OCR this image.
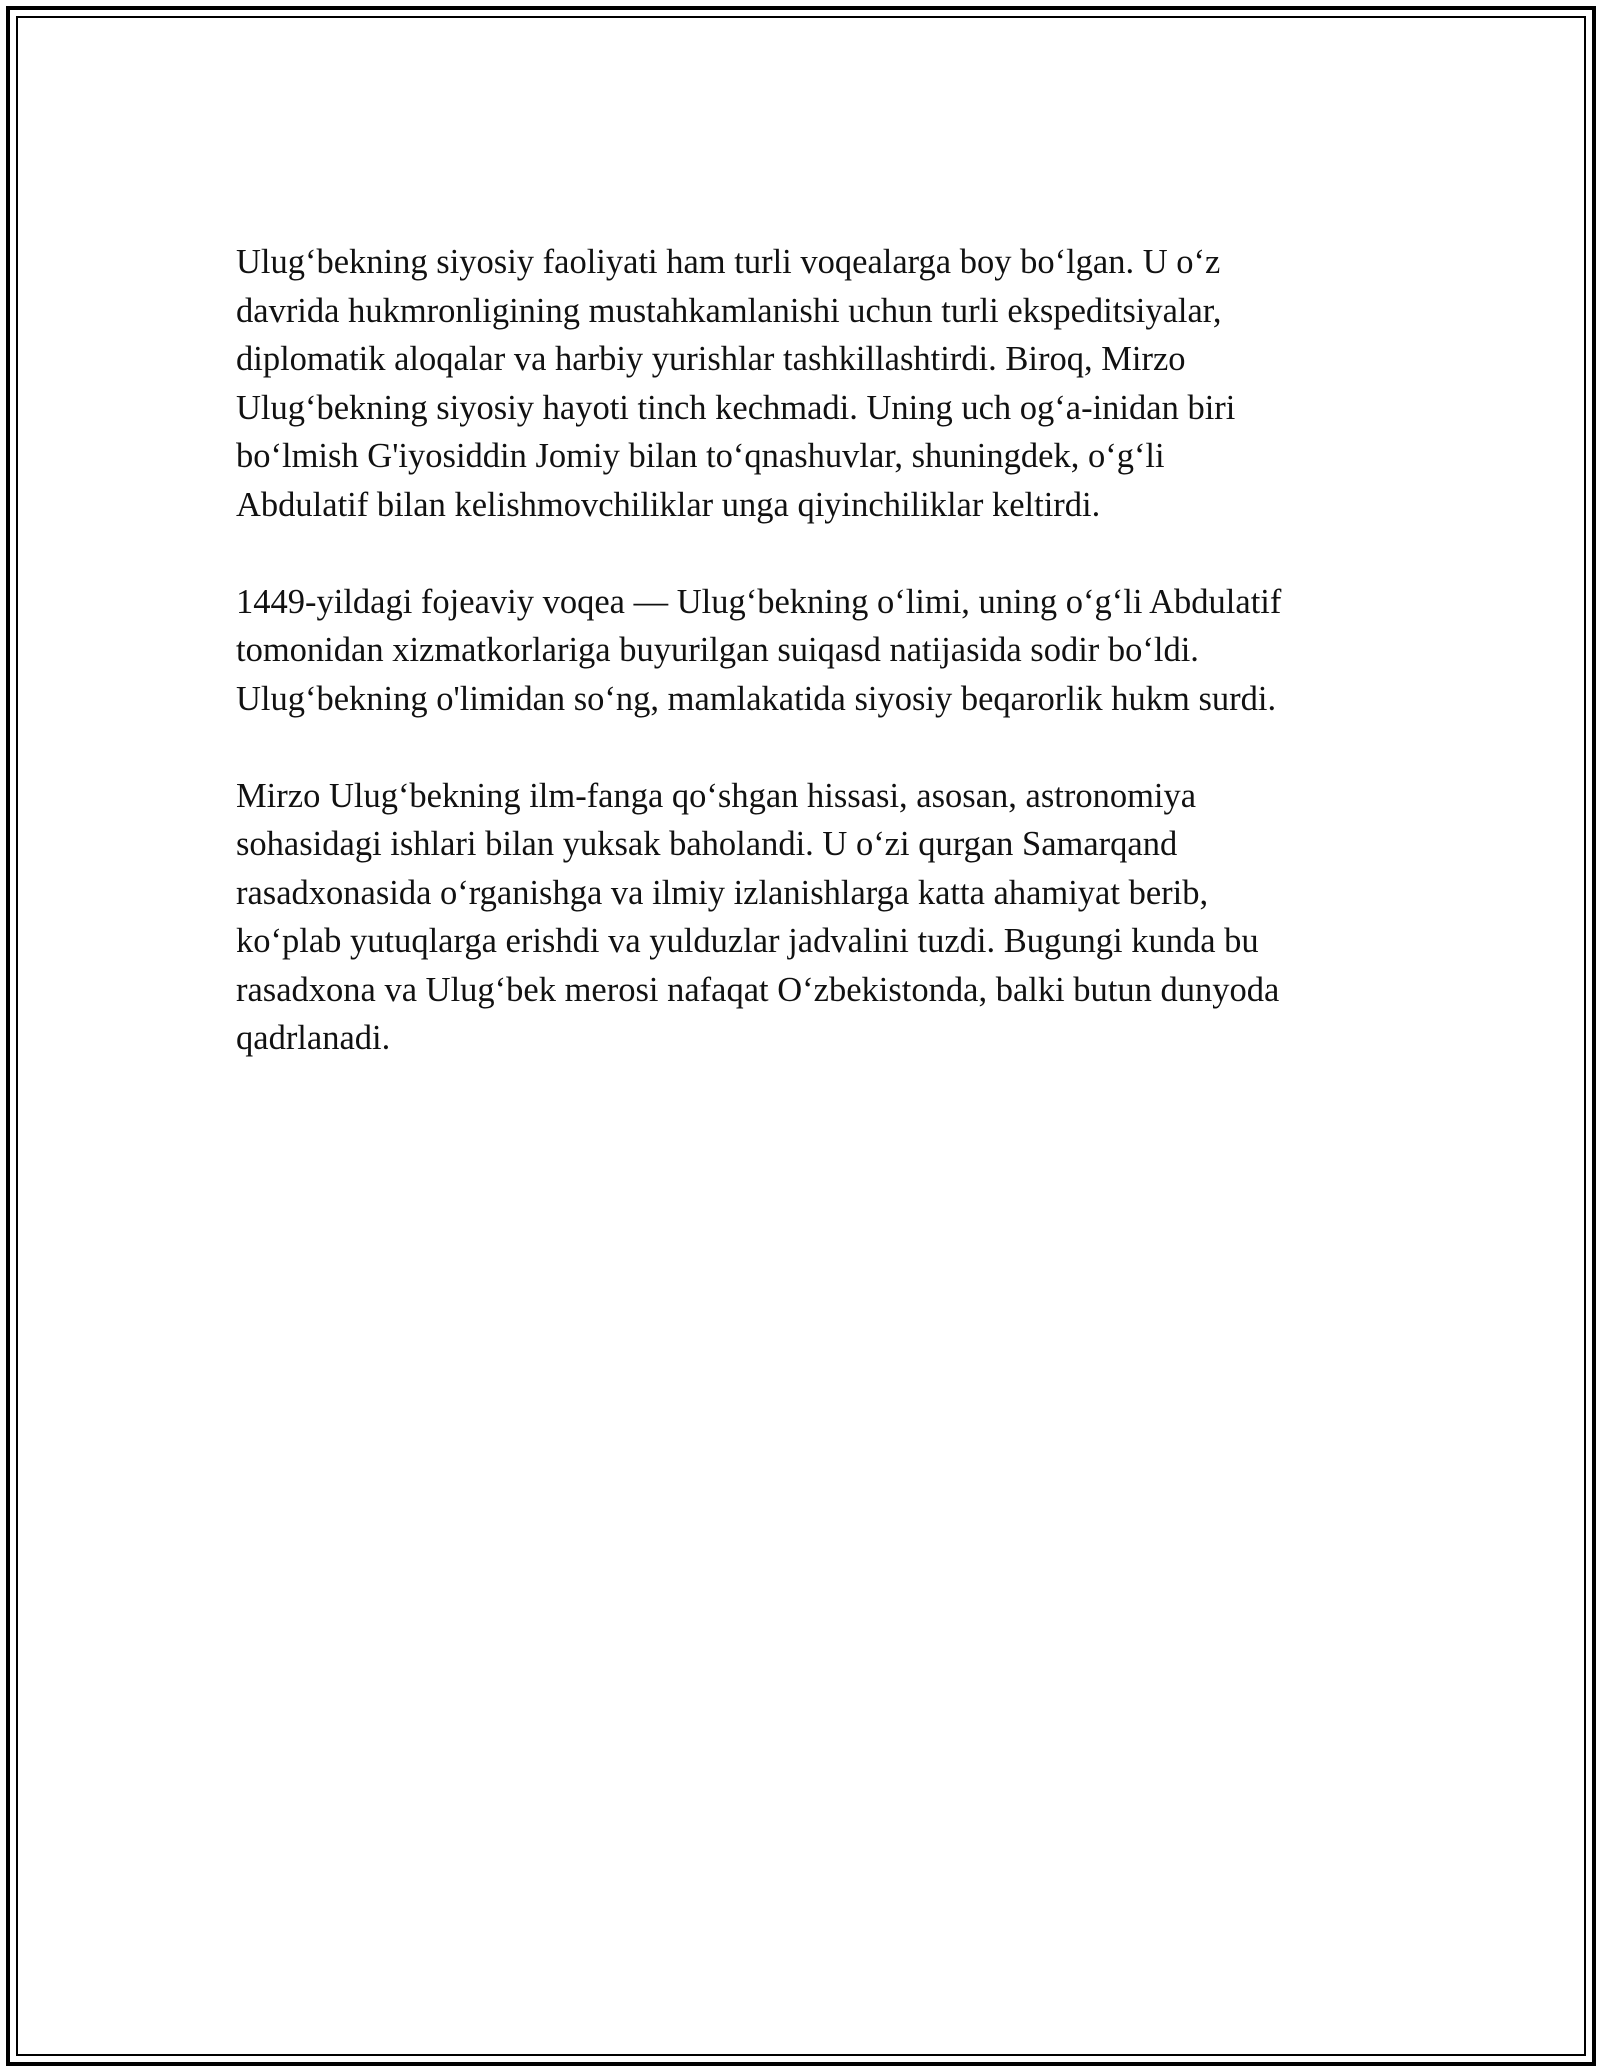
Ulug‘bekning siyosiy faoliyati ham turli voqealarga boy bo‘lgan. U o‘z
davrida hukmronligining mustahkamlanishi uchun turli ekspeditsiyalar,
diplomatik aloqalar va harbiy yurishlar tashkillashtirdi. Biroq, Mirzo
Ulug‘bekning siyosiy hayoti tinch kechmadi. Uning uch og‘a-inidan biri
bo‘lmish G'iyosiddin Jomiy bilan to‘qnashuvlar, shuningdek, o‘g‘li
Abdulatif bilan kelishmovchiliklar unga qiyinchiliklar keltirdi.

1449-yildagi fojeaviy voqea — Ulug‘bekning o‘limi, uning o‘g‘li Abdulatif
tomonidan xizmatkorlariga buyurilgan suiqasd natijasida sodir bo‘ldi.
Ulug‘bekning o'limidan so‘ng, mamlakatida siyosiy beqarorlik hukm surdi.

Mirzo Ulug‘bekning ilm-fanga qo‘shgan hissasi, asosan, astronomiya
sohasidagi ishlari bilan yuksak baholandi. U o‘zi qurgan Samarqand
rasadxonasida o‘rganishga va ilmiy izlanishlarga katta ahamiyat berib,
ko‘plab yutuqlarga erishdi va yulduzlar jadvalini tuzdi. Bugungi kunda bu
rasadxona va Ulug‘bek merosi nafaqat O‘zbekistonda, balki butun dunyoda
qadrlanadi.
